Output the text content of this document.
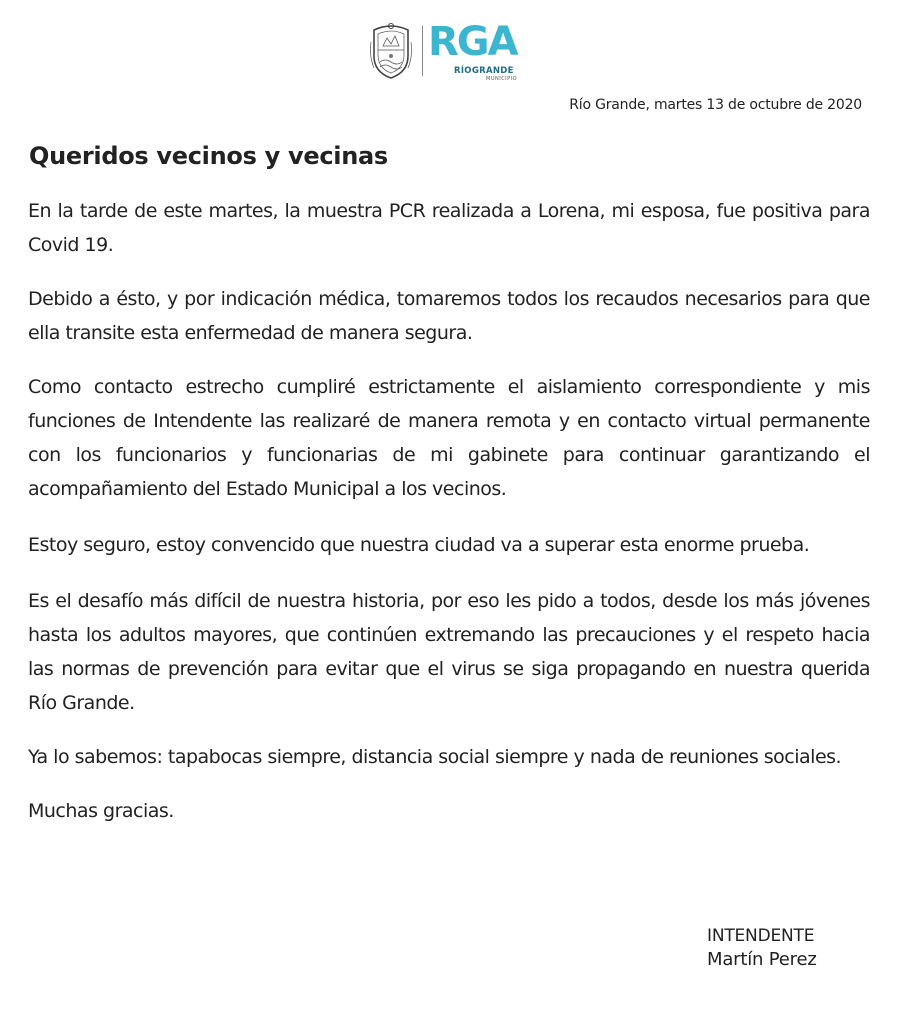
RGA
RÍOGRANDE
MUNICIPIO
Río Grande, martes 13 de octubre de 2020
Queridos vecinos y vecinas

En la tarde de este martes, la muestra PCR realizada a Lorena, mi esposa, fue positiva para Covid 19.

Debido a ésto, y por indicación médica, tomaremos todos los recaudos necesarios para que ella transite esta enfermedad de manera segura.

Como contacto estrecho cumpliré estrictamente el aislamiento correspondiente y mis funciones de Intendente las realizaré de manera remota y en contacto virtual permanente con los funcionarios y funcionarias de mi gabinete para continuar garantizando el acompañamiento del Estado Municipal a los vecinos.

Estoy seguro, estoy convencido que nuestra ciudad va a superar esta enorme prueba.

Es el desafío más difícil de nuestra historia, por eso les pido a todos, desde los más jóvenes hasta los adultos mayores, que continúen extremando las precauciones y el respeto hacia las normas de prevención para evitar que el virus se siga propagando en nuestra querida Río Grande.

Ya lo sabemos: tapabocas siempre, distancia social siempre y nada de reuniones sociales.

Muchas gracias.

INTENDENTE
Martín Perez
